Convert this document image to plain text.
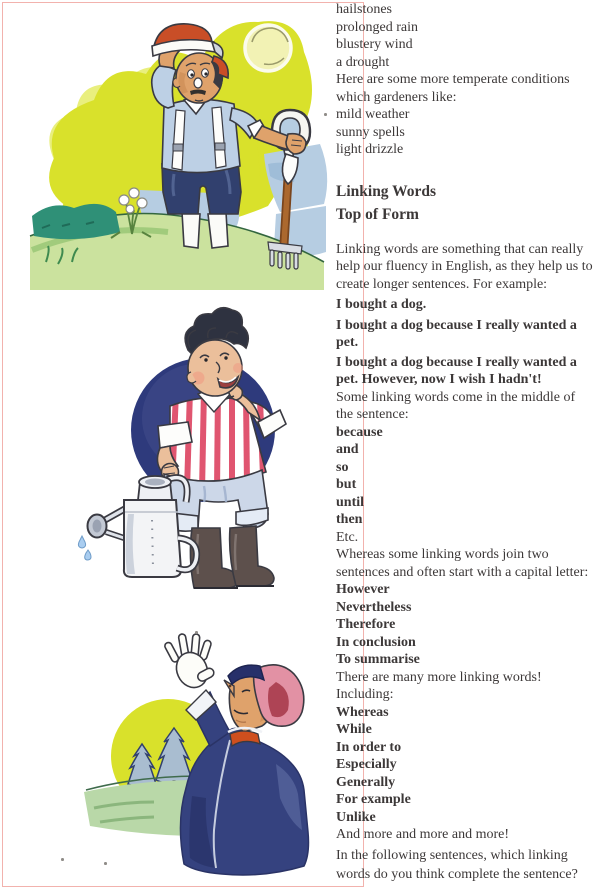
hailstones
prolonged rain
blustery wind
a drought
Here are some more temperate conditions
which gardeners like:
mild weather
sunny spells
light drizzle
Linking Words
Top of Form
Linking words are something that can really
help our fluency in English, as they help us to
create longer sentences. For example:
I bought a dog.
I bought a dog because I really wanted a
pet.
I bought a dog because I really wanted a
pet. However, now I wish I hadn't!
Some linking words come in the middle of
the sentence:
because
and
so
but
until
then
Etc.
Whereas some linking words join two
sentences and often start with a capital letter:
However
Nevertheless
Therefore
In conclusion
To summarise
There are many more linking words!
Including:
Whereas
While
In order to
Especially
Generally
For example
Unlike
And more and more and more!
In the following sentences, which linking
words do you think complete the sentence?
